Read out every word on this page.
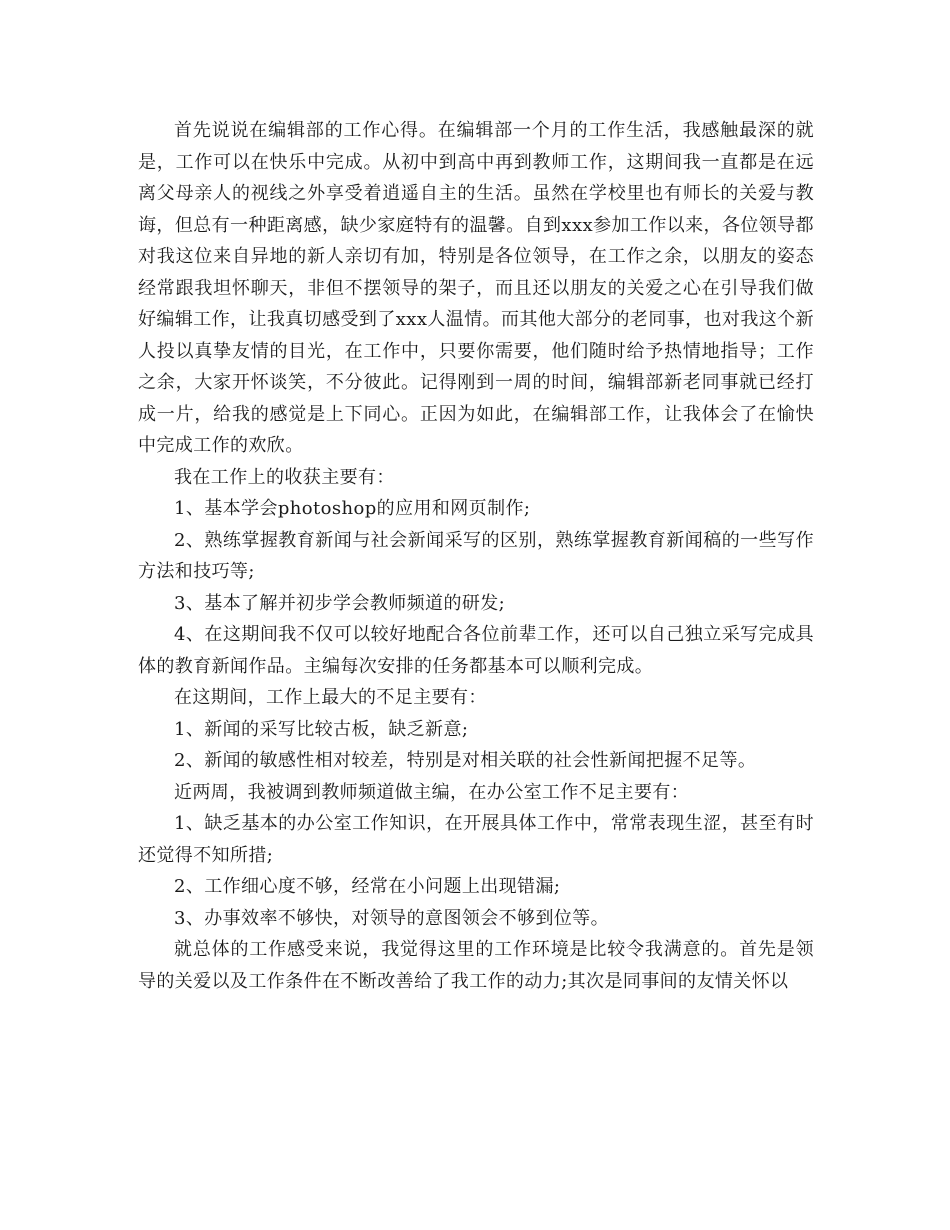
首先说说在编辑部的工作心得。在编辑部一个月的工作生活，我感触最深的就是，工作可以在快乐中完成。从初中到高中再到教师工作，这期间我一直都是在远离父母亲人的视线之外享受着逍遥自主的生活。虽然在学校里也有师长的关爱与教诲，但总有一种距离感，缺少家庭特有的温馨。自到xxx参加工作以来，各位领导都对我这位来自异地的新人亲切有加，特别是各位领导，在工作之余，以朋友的姿态经常跟我坦怀聊天，非但不摆领导的架子，而且还以朋友的关爱之心在引导我们做好编辑工作，让我真切感受到了xxx人温情。而其他大部分的老同事，也对我这个新人投以真挚友情的目光，在工作中，只要你需要，他们随时给予热情地指导；工作之余，大家开怀谈笑，不分彼此。记得刚到一周的时间，编辑部新老同事就已经打成一片，给我的感觉是上下同心。正因为如此，在编辑部工作，让我体会了在愉快中完成工作的欢欣。

我在工作上的收获主要有：

1、基本学会photoshop的应用和网页制作;

2、熟练掌握教育新闻与社会新闻采写的区别，熟练掌握教育新闻稿的一些写作方法和技巧等;

3、基本了解并初步学会教师频道的研发;

4、在这期间我不仅可以较好地配合各位前辈工作，还可以自己独立采写完成具体的教育新闻作品。主编每次安排的任务都基本可以顺利完成。

在这期间，工作上最大的不足主要有：

1、新闻的采写比较古板，缺乏新意;

2、新闻的敏感性相对较差，特别是对相关联的社会性新闻把握不足等。

近两周，我被调到教师频道做主编，在办公室工作不足主要有：

1、缺乏基本的办公室工作知识，在开展具体工作中，常常表现生涩，甚至有时还觉得不知所措;

2、工作细心度不够，经常在小问题上出现错漏;

3、办事效率不够快，对领导的意图领会不够到位等。

就总体的工作感受来说，我觉得这里的工作环境是比较令我满意的。首先是领导的关爱以及工作条件在不断改善给了我工作的动力;其次是同事间的友情关怀以
